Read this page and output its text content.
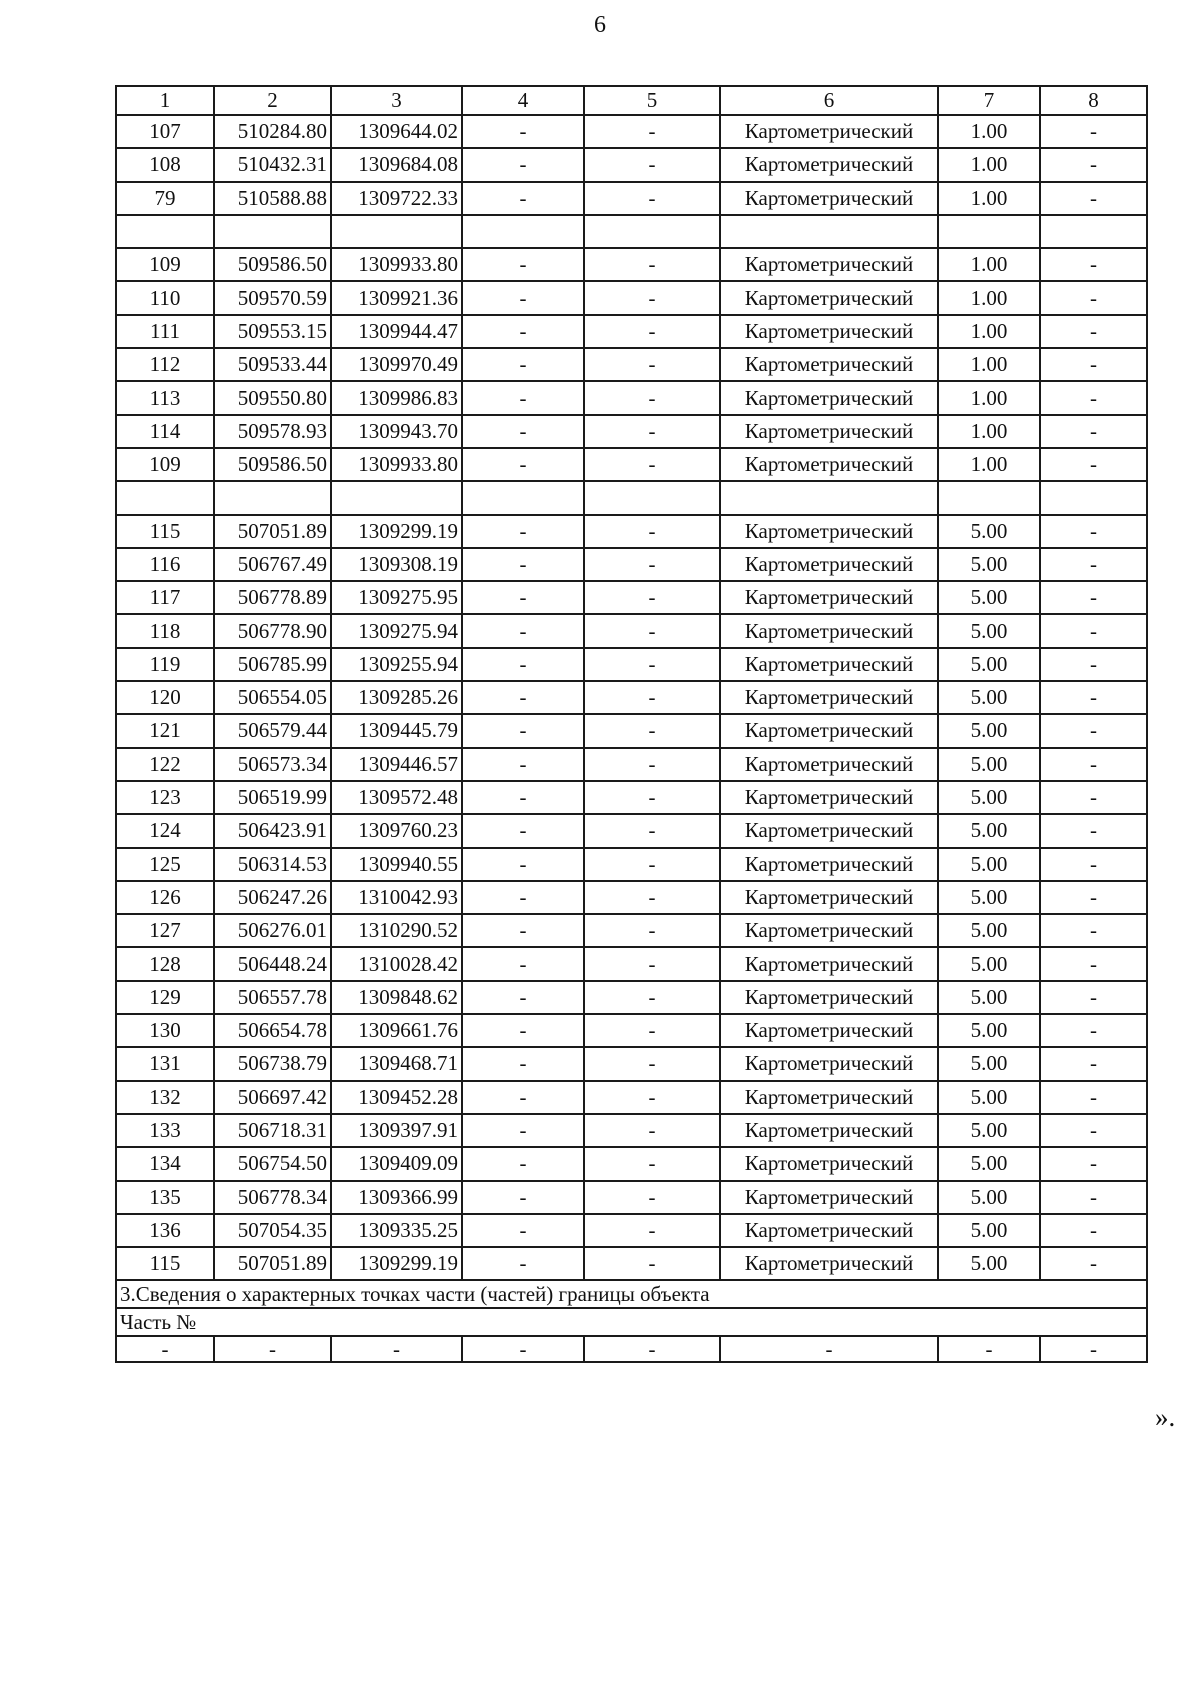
6
1	2	3	4	5	6	7	8
107	510284.80	1309644.02	-	-	Картометрический	1.00	-
108	510432.31	1309684.08	-	-	Картометрический	1.00	-
79	510588.88	1309722.33	-	-	Картометрический	1.00	-

109	509586.50	1309933.80	-	-	Картометрический	1.00	-
110	509570.59	1309921.36	-	-	Картометрический	1.00	-
111	509553.15	1309944.47	-	-	Картометрический	1.00	-
112	509533.44	1309970.49	-	-	Картометрический	1.00	-
113	509550.80	1309986.83	-	-	Картометрический	1.00	-
114	509578.93	1309943.70	-	-	Картометрический	1.00	-
109	509586.50	1309933.80	-	-	Картометрический	1.00	-

115	507051.89	1309299.19	-	-	Картометрический	5.00	-
116	506767.49	1309308.19	-	-	Картометрический	5.00	-
117	506778.89	1309275.95	-	-	Картометрический	5.00	-
118	506778.90	1309275.94	-	-	Картометрический	5.00	-
119	506785.99	1309255.94	-	-	Картометрический	5.00	-
120	506554.05	1309285.26	-	-	Картометрический	5.00	-
121	506579.44	1309445.79	-	-	Картометрический	5.00	-
122	506573.34	1309446.57	-	-	Картометрический	5.00	-
123	506519.99	1309572.48	-	-	Картометрический	5.00	-
124	506423.91	1309760.23	-	-	Картометрический	5.00	-
125	506314.53	1309940.55	-	-	Картометрический	5.00	-
126	506247.26	1310042.93	-	-	Картометрический	5.00	-
127	506276.01	1310290.52	-	-	Картометрический	5.00	-
128	506448.24	1310028.42	-	-	Картометрический	5.00	-
129	506557.78	1309848.62	-	-	Картометрический	5.00	-
130	506654.78	1309661.76	-	-	Картометрический	5.00	-
131	506738.79	1309468.71	-	-	Картометрический	5.00	-
132	506697.42	1309452.28	-	-	Картометрический	5.00	-
133	506718.31	1309397.91	-	-	Картометрический	5.00	-
134	506754.50	1309409.09	-	-	Картометрический	5.00	-
135	506778.34	1309366.99	-	-	Картометрический	5.00	-
136	507054.35	1309335.25	-	-	Картометрический	5.00	-
115	507051.89	1309299.19	-	-	Картометрический	5.00	-
3.Сведения о характерных точках части (частей) границы объекта							
Часть №							
-	-	-	-	-	-	-	-
».
